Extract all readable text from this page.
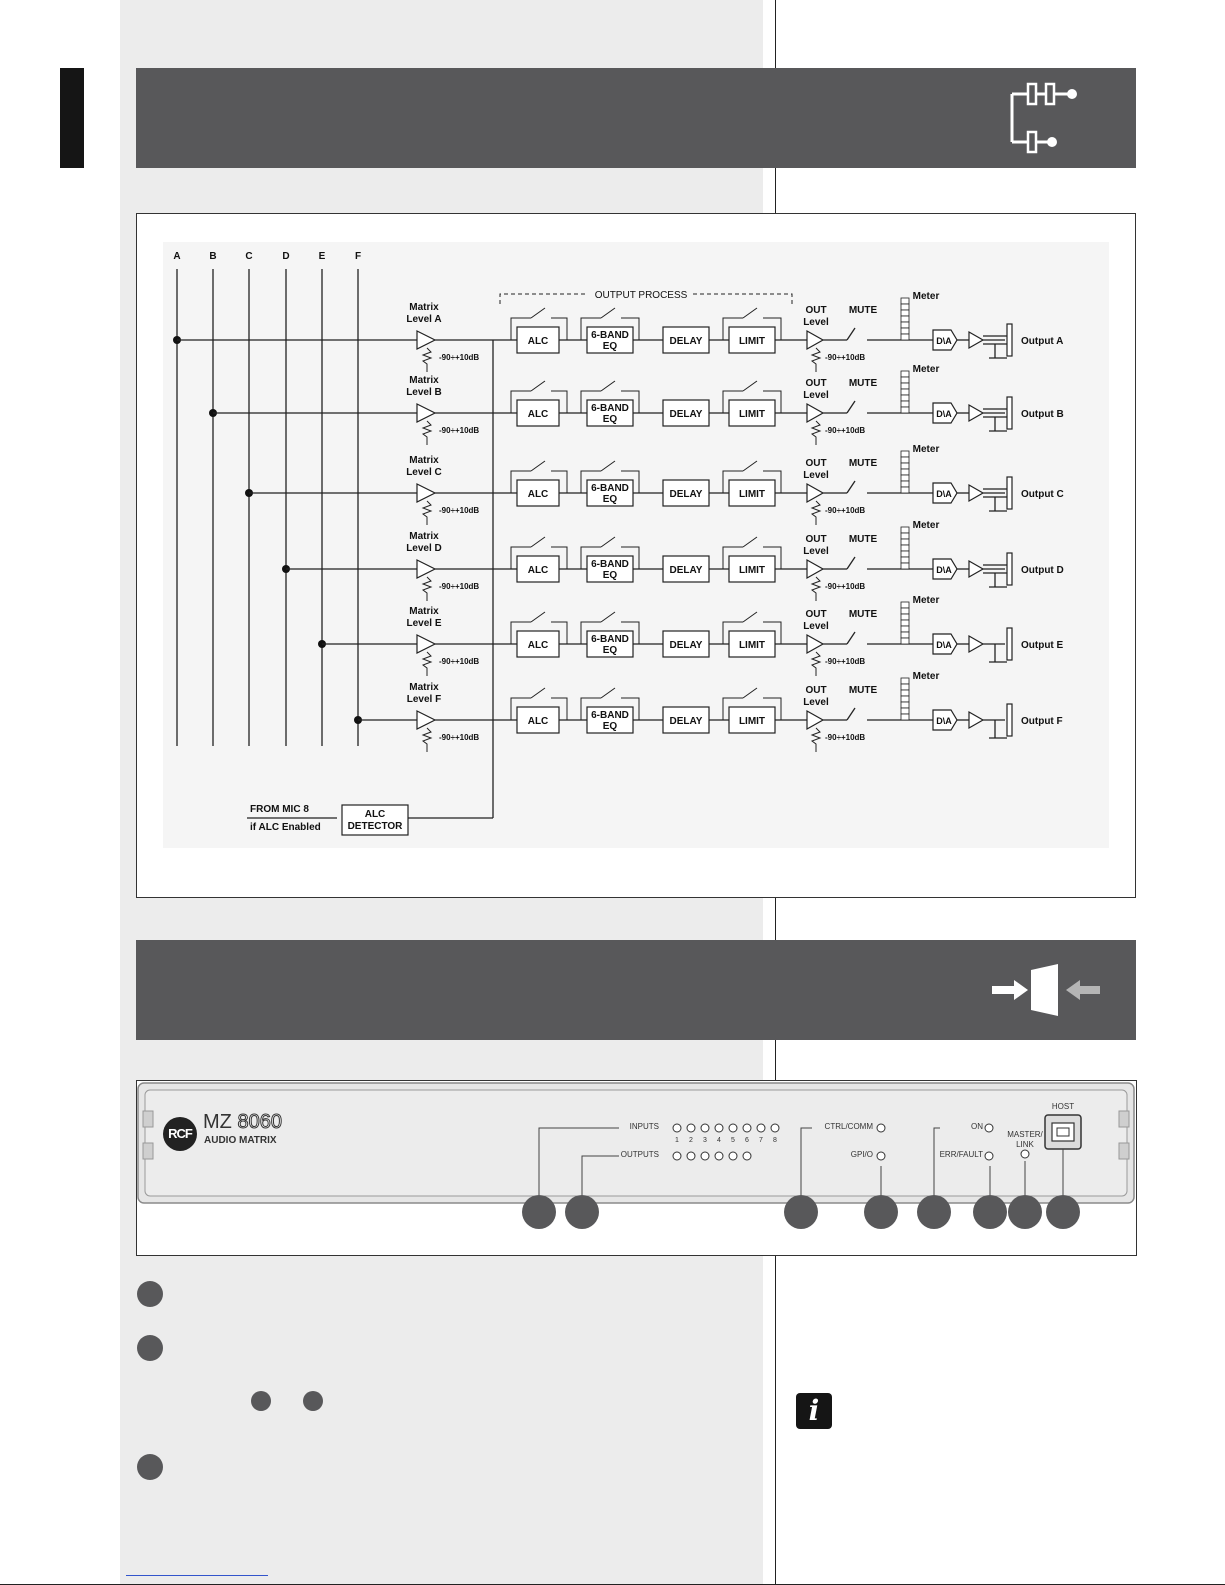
A	B	C	D	E	F
OUTPUT PROCESS
Matrix
Level A
-90÷+10dB
ALC
6-BAND
EQ	DELAY	LIMIT
OUT
Level
-90÷+10dB
MUTE
Meter
D\A	Output A
Matrix
Level B
-90÷+10dB
ALC
6-BAND
EQ	DELAY	LIMIT
OUT
Level
-90÷+10dB
MUTE
Meter
D\A	Output B
Matrix
Level C
-90÷+10dB
ALC
6-BAND
EQ	DELAY	LIMIT
OUT
Level
-90÷+10dB
MUTE
Meter
D\A	Output C
Matrix
Level D
-90÷+10dB
ALC
6-BAND
EQ	DELAY	LIMIT
OUT
Level
-90÷+10dB
MUTE
Meter
D\A	Output D
Matrix
Level E
-90÷+10dB
ALC
6-BAND
EQ	DELAY	LIMIT
OUT
Level
-90÷+10dB
MUTE
Meter
D\A	Output E
Matrix
Level F
-90÷+10dB
ALC
6-BAND
EQ	DELAY	LIMIT
OUT
Level
-90÷+10dB
MUTE
Meter
D\A	Output F
FROM MIC 8
if ALC Enabled
ALC
DETECTOR
RCF
MZ 8060
AUDIO MATRIX
INPUTS
OUTPUTS
CTRL/COMM
GPI/O
ON
ERR/FAULT
MASTER/
LINK
HOST
1 2 3 4 5 6 7 8
i
